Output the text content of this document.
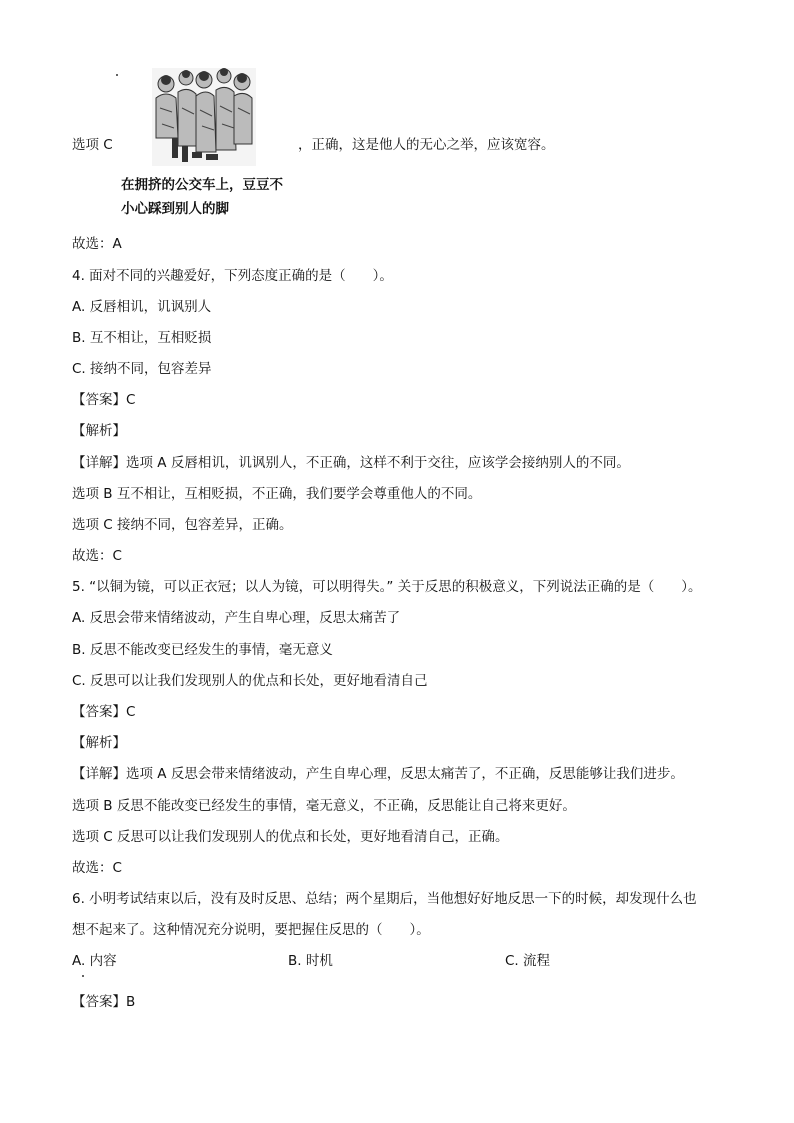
选项 C	，正确，这是他人的无心之举，应该宽容。
在拥挤的公交车上，豆豆不
小心踩到别人的脚
故选：A
4. 面对不同的兴趣爱好，下列态度正确的是（　　）。
A. 反唇相讥，讥讽别人
B. 互不相让，互相贬损
C. 接纳不同，包容差异
【答案】C
【解析】
【详解】选项 A 反唇相讥，讥讽别人，不正确，这样不利于交往，应该学会接纳别人的不同。
选项 B 互不相让，互相贬损，不正确，我们要学会尊重他人的不同。
选项 C 接纳不同，包容差异，正确。
故选：C
5. “以铜为镜，可以正衣冠；以人为镜，可以明得失。” 关于反思的积极意义，下列说法正确的是（　　）。
A. 反思会带来情绪波动，产生自卑心理，反思太痛苦了
B. 反思不能改变已经发生的事情，毫无意义
C. 反思可以让我们发现别人的优点和长处，更好地看清自己
【答案】C
【解析】
【详解】选项 A 反思会带来情绪波动，产生自卑心理，反思太痛苦了，不正确，反思能够让我们进步。
选项 B 反思不能改变已经发生的事情，毫无意义，不正确，反思能让自己将来更好。
选项 C 反思可以让我们发现别人的优点和长处，更好地看清自己，正确。
故选：C
6. 小明考试结束以后，没有及时反思、总结；两个星期后，当他想好好地反思一下的时候，却发现什么也
想不起来了。这种情况充分说明，要把握住反思的（　　）。
A. 内容	B. 时机	C. 流程
【答案】B
